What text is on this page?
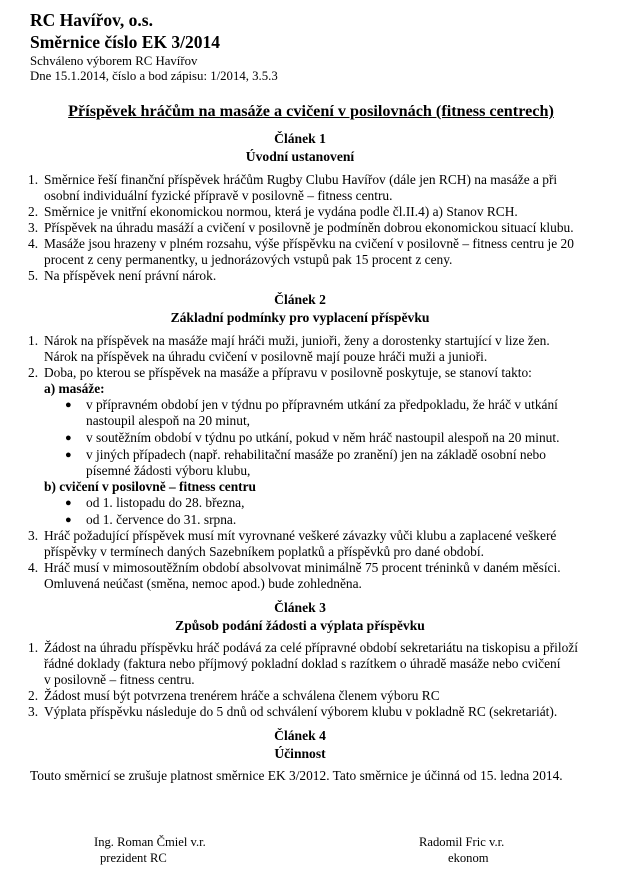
RC Havířov, o.s.
Směrnice číslo EK 3/2014
Schváleno výborem RC Havířov
Dne 15.1.2014, číslo a bod zápisu: 1/2014, 3.5.3
Příspěvek hráčům na masáže a cvičení v posilovnách (fitness centrech)
Článek 1
Úvodní ustanovení
1. Směrnice řeší finanční příspěvek hráčům Rugby Clubu Havířov (dále jen RCH) na masáže a při
osobní individuální fyzické přípravě v posilovně – fitness centru.
2. Směrnice je vnitřní ekonomickou normou, která je vydána podle čl.II.4) a) Stanov RCH.
3. Příspěvek na úhradu masáží a cvičení v posilovně je podmíněn dobrou ekonomickou situací klubu.
4. Masáže jsou hrazeny v plném rozsahu, výše příspěvku na cvičení v posilovně – fitness centru je 20
procent z ceny permanentky, u jednorázových vstupů pak 15 procent z ceny.
5. Na příspěvek není právní nárok.
Článek 2
Základní podmínky pro vyplacení příspěvku
1. Nárok na příspěvek na masáže mají hráči muži, junioři, ženy a dorostenky startující v lize žen.
Nárok na příspěvek na úhradu cvičení v posilovně mají pouze hráči muži a junioři.
2. Doba, po kterou se příspěvek na masáže a přípravu v posilovně poskytuje, se stanoví takto:
a) masáže:
● v přípravném období jen v týdnu po přípravném utkání za předpokladu, že hráč v utkání
nastoupil alespoň na 20 minut,
● v soutěžním období v týdnu po utkání, pokud v něm hráč nastoupil alespoň na 20 minut.
● v jiných případech (např. rehabilitační masáže po zranění) jen na základě osobní nebo
písemné žádosti výboru klubu,
b) cvičení v posilovně – fitness centru
● od 1. listopadu do 28. března,
● od 1. července do 31. srpna.
3. Hráč požadující příspěvek musí mít vyrovnané veškeré závazky vůči klubu a zaplacené veškeré
příspěvky v termínech daných Sazebníkem poplatků a příspěvků pro dané období.
4. Hráč musí v mimosoutěžním období absolvovat minimálně 75 procent tréninků v daném měsíci.
Omluvená neúčast (směna, nemoc apod.) bude zohledněna.
Článek 3
Způsob podání žádosti a výplata příspěvku
1. Žádost na úhradu příspěvku hráč podává za celé přípravné období sekretariátu na tiskopisu a přiloží
řádné doklady (faktura nebo příjmový pokladní doklad s razítkem o úhradě masáže nebo cvičení
v posilovně – fitness centru.
2. Žádost musí být potvrzena trenérem hráče a schválena členem výboru RC
3. Výplata příspěvku následuje do 5 dnů od schválení výborem klubu v pokladně RC (sekretariát).
Článek 4
Účinnost
Touto směrnicí se zrušuje platnost směrnice EK 3/2012. Tato směrnice je účinná od 15. ledna 2014.
Ing. Roman Čmiel v.r.
prezident RC
Radomil Fric v.r.
ekonom
